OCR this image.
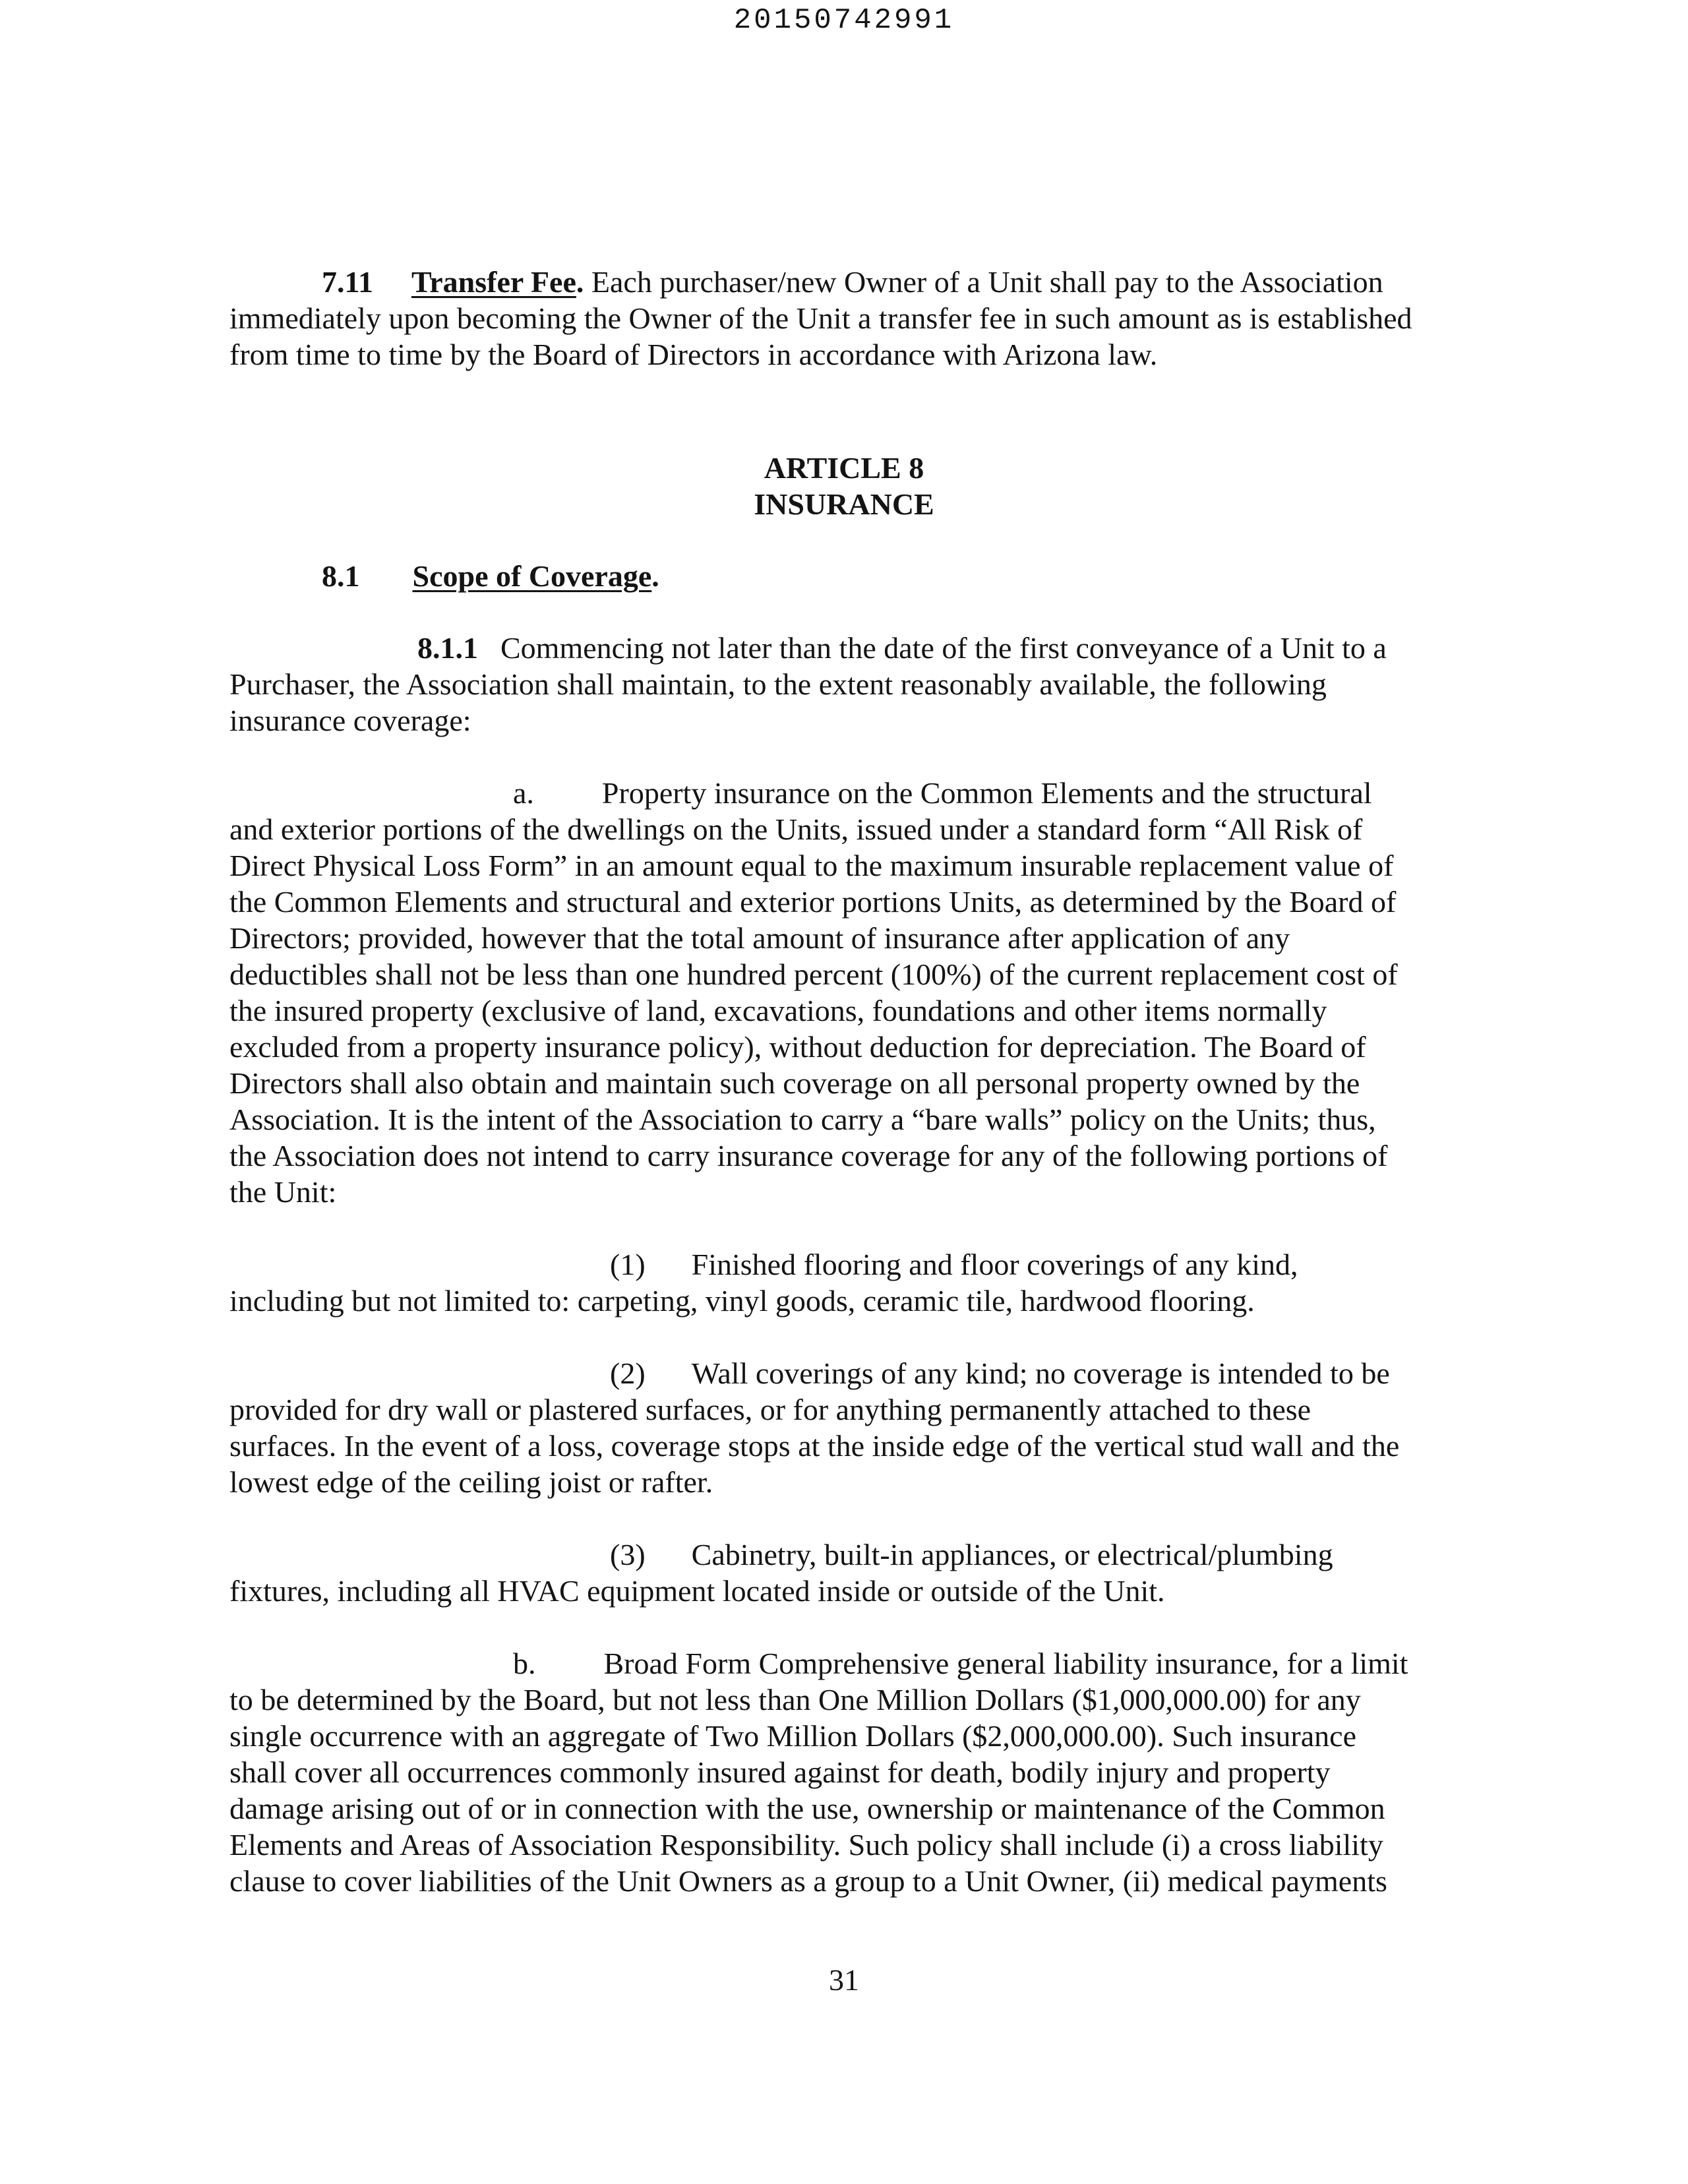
20150742991
7.11 Transfer Fee. Each purchaser/new Owner of a Unit shall pay to the Association
immediately upon becoming the Owner of the Unit a transfer fee in such amount as is established
from time to time by the Board of Directors in accordance with Arizona law.
ARTICLE 8
INSURANCE
8.1 Scope of Coverage.
8.1.1 Commencing not later than the date of the first conveyance of a Unit to a
Purchaser, the Association shall maintain, to the extent reasonably available, the following
insurance coverage:
a. Property insurance on the Common Elements and the structural
and exterior portions of the dwellings on the Units, issued under a standard form “All Risk of
Direct Physical Loss Form” in an amount equal to the maximum insurable replacement value of
the Common Elements and structural and exterior portions Units, as determined by the Board of
Directors; provided, however that the total amount of insurance after application of any
deductibles shall not be less than one hundred percent (100%) of the current replacement cost of
the insured property (exclusive of land, excavations, foundations and other items normally
excluded from a property insurance policy), without deduction for depreciation. The Board of
Directors shall also obtain and maintain such coverage on all personal property owned by the
Association. It is the intent of the Association to carry a “bare walls” policy on the Units; thus,
the Association does not intend to carry insurance coverage for any of the following portions of
the Unit:
(1) Finished flooring and floor coverings of any kind,
including but not limited to: carpeting, vinyl goods, ceramic tile, hardwood flooring.
(2) Wall coverings of any kind; no coverage is intended to be
provided for dry wall or plastered surfaces, or for anything permanently attached to these
surfaces. In the event of a loss, coverage stops at the inside edge of the vertical stud wall and the
lowest edge of the ceiling joist or rafter.
(3) Cabinetry, built-in appliances, or electrical/plumbing
fixtures, including all HVAC equipment located inside or outside of the Unit.
b. Broad Form Comprehensive general liability insurance, for a limit
to be determined by the Board, but not less than One Million Dollars ($1,000,000.00) for any
single occurrence with an aggregate of Two Million Dollars ($2,000,000.00). Such insurance
shall cover all occurrences commonly insured against for death, bodily injury and property
damage arising out of or in connection with the use, ownership or maintenance of the Common
Elements and Areas of Association Responsibility. Such policy shall include (i) a cross liability
clause to cover liabilities of the Unit Owners as a group to a Unit Owner, (ii) medical payments
31
